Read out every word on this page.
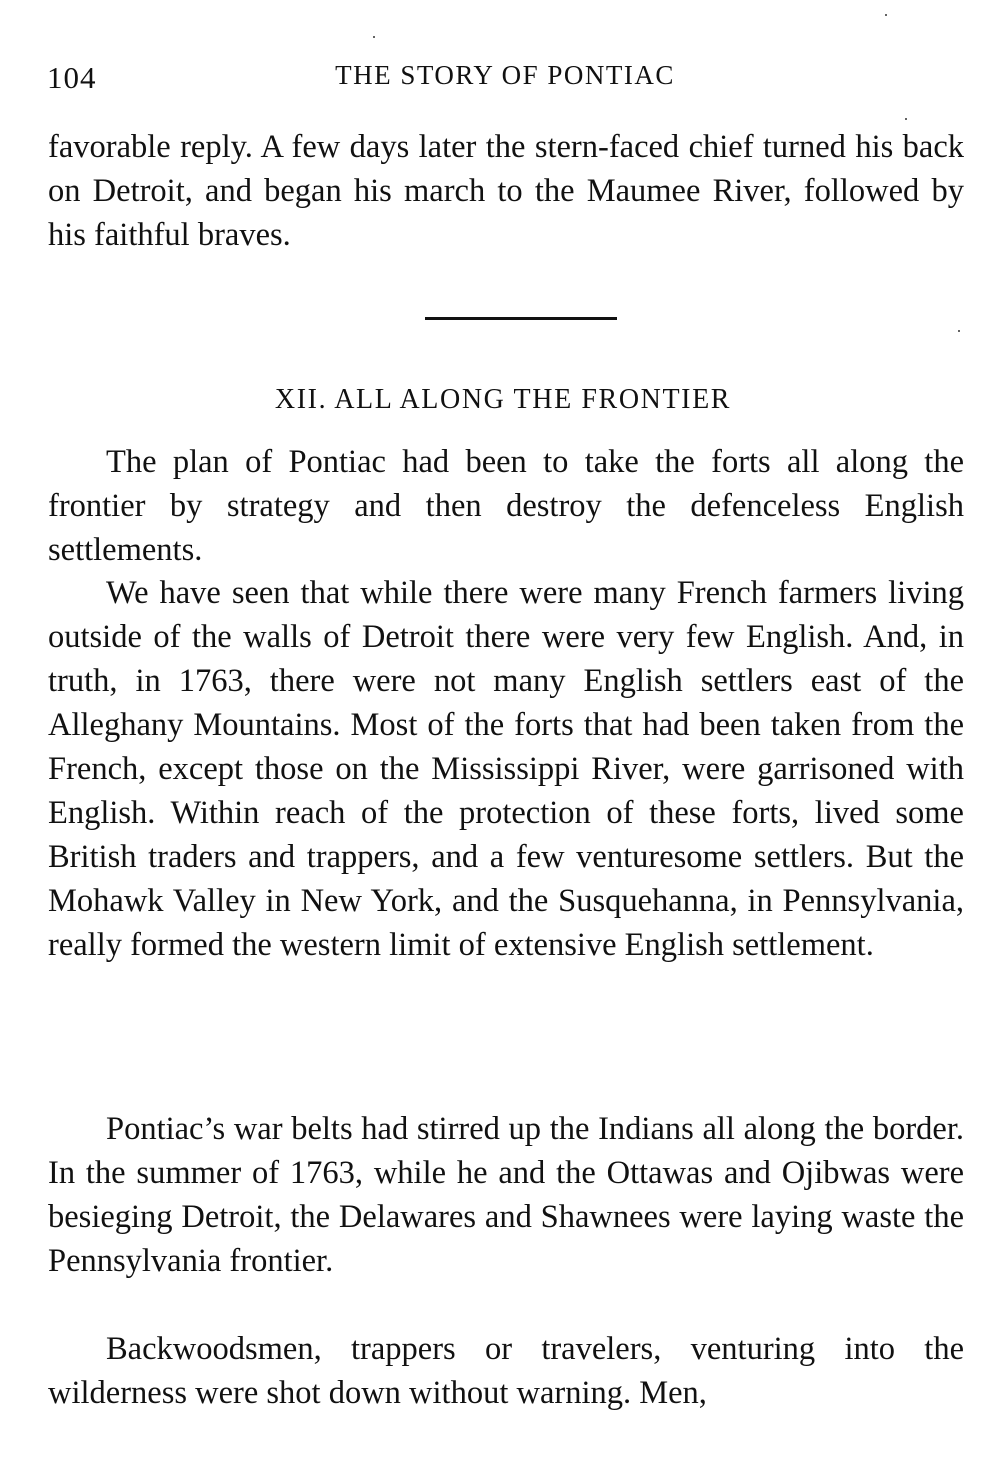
104	THE STORY OF PONTIAC
favorable reply. A few days later the stern-faced chief turned his back on Detroit, and began his march to the Maumee River, followed by his faithful braves.
XII. ALL ALONG THE FRONTIER
The plan of Pontiac had been to take the forts all along the frontier by strategy and then destroy the defenceless English settlements.
We have seen that while there were many French farmers living outside of the walls of Detroit there were very few English. And, in truth, in 1763, there were not many English settlers east of the Alleghany Mountains. Most of the forts that had been taken from the French, except those on the Mississippi River, were garrisoned with English. Within reach of the protection of these forts, lived some British traders and trappers, and a few venturesome settlers. But the Mohawk Valley in New York, and the Susquehanna, in Pennsylvania, really formed the western limit of extensive English settlement.
Pontiac’s war belts had stirred up the Indians all along the border. In the summer of 1763, while he and the Ottawas and Ojibwas were besieging Detroit, the Delawares and Shawnees were laying waste the Pennsylvania frontier.
Backwoodsmen, trappers or travelers, venturing into the wilderness were shot down without warning. Men,
